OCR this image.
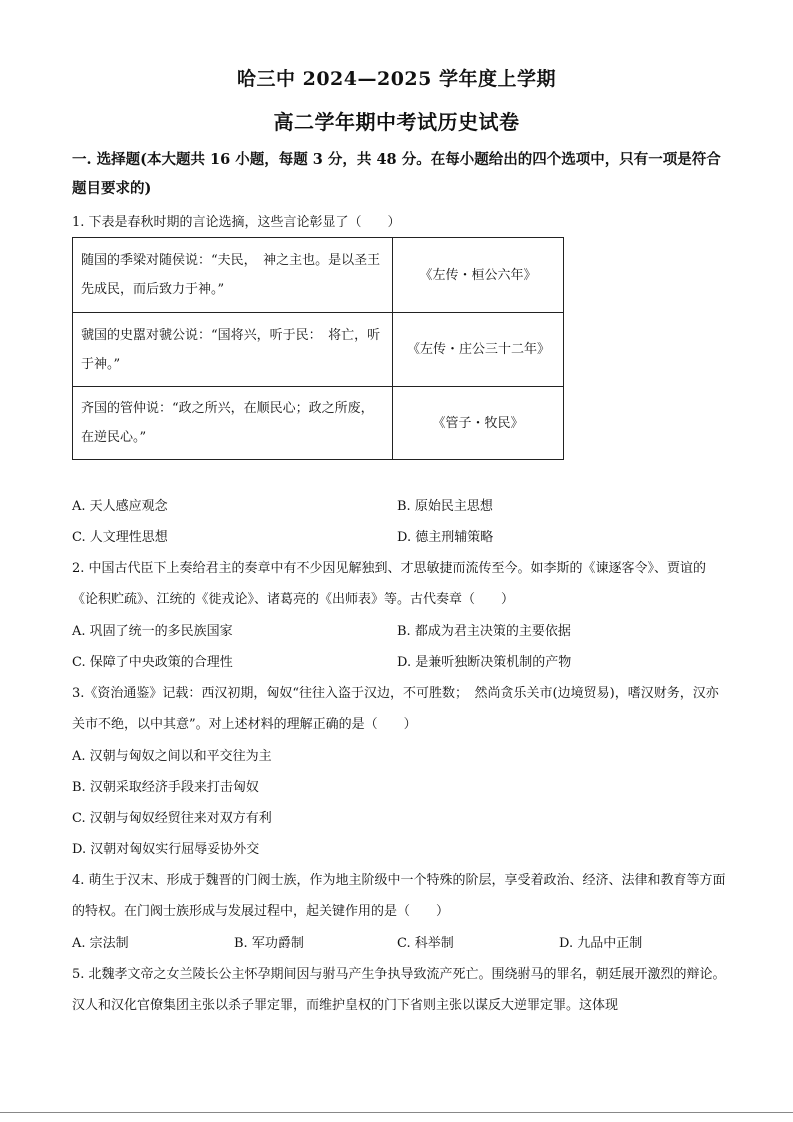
哈三中 2024—2025 学年度上学期
高二学年期中考试历史试卷
一. 选择题(本大题共 16 小题，每题 3 分，共 48 分。在每小题给出的四个选项中，只有一项是符合题目要求的)
1. 下表是春秋时期的言论选摘，这些言论彰显了（　　）
随国的季梁对随侯说：“夫民，　神之主也。是以圣王先成民，而后致力于神。”	《左传・桓公六年》
虢国的史嚚对虢公说：“国将兴，听于民：　将亡，听于神。”	《左传・庄公三十二年》
齐国的管仲说：“政之所兴，在顺民心；政之所废，在逆民心。”	《管子・牧民》
A. 天人感应观念	B. 原始民主思想
C. 人文理性思想	D. 德主刑辅策略
2. 中国古代臣下上奏给君主的奏章中有不少因见解独到、才思敏捷而流传至今。如李斯的《谏逐客令》、贾谊的《论积贮疏》、江统的《徙戎论》、诸葛亮的《出师表》等。古代奏章（　　）
A. 巩固了统一的多民族国家	B. 都成为君主决策的主要依据
C. 保障了中央政策的合理性	D. 是兼听独断决策机制的产物
3.《资治通鉴》记载：西汉初期，匈奴“往往入盗于汉边，不可胜数；　然尚贪乐关市(边境贸易)，嗜汉财务，汉亦关市不绝，以中其意”。对上述材料的理解正确的是（　　）
A. 汉朝与匈奴之间以和平交往为主
B. 汉朝采取经济手段来打击匈奴
C. 汉朝与匈奴经贸往来对双方有利
D. 汉朝对匈奴实行屈辱妥协外交
4. 萌生于汉末、形成于魏晋的门阀士族，作为地主阶级中一个特殊的阶层，享受着政治、经济、法律和教育等方面的特权。在门阀士族形成与发展过程中，起关键作用的是（　　）
A. 宗法制	B. 军功爵制	C. 科举制	D. 九品中正制
5. 北魏孝文帝之女兰陵长公主怀孕期间因与驸马产生争执导致流产死亡。围绕驸马的罪名，朝廷展开激烈的辩论。汉人和汉化官僚集团主张以杀子罪定罪，而维护皇权的门下省则主张以谋反大逆罪定罪。这体现
